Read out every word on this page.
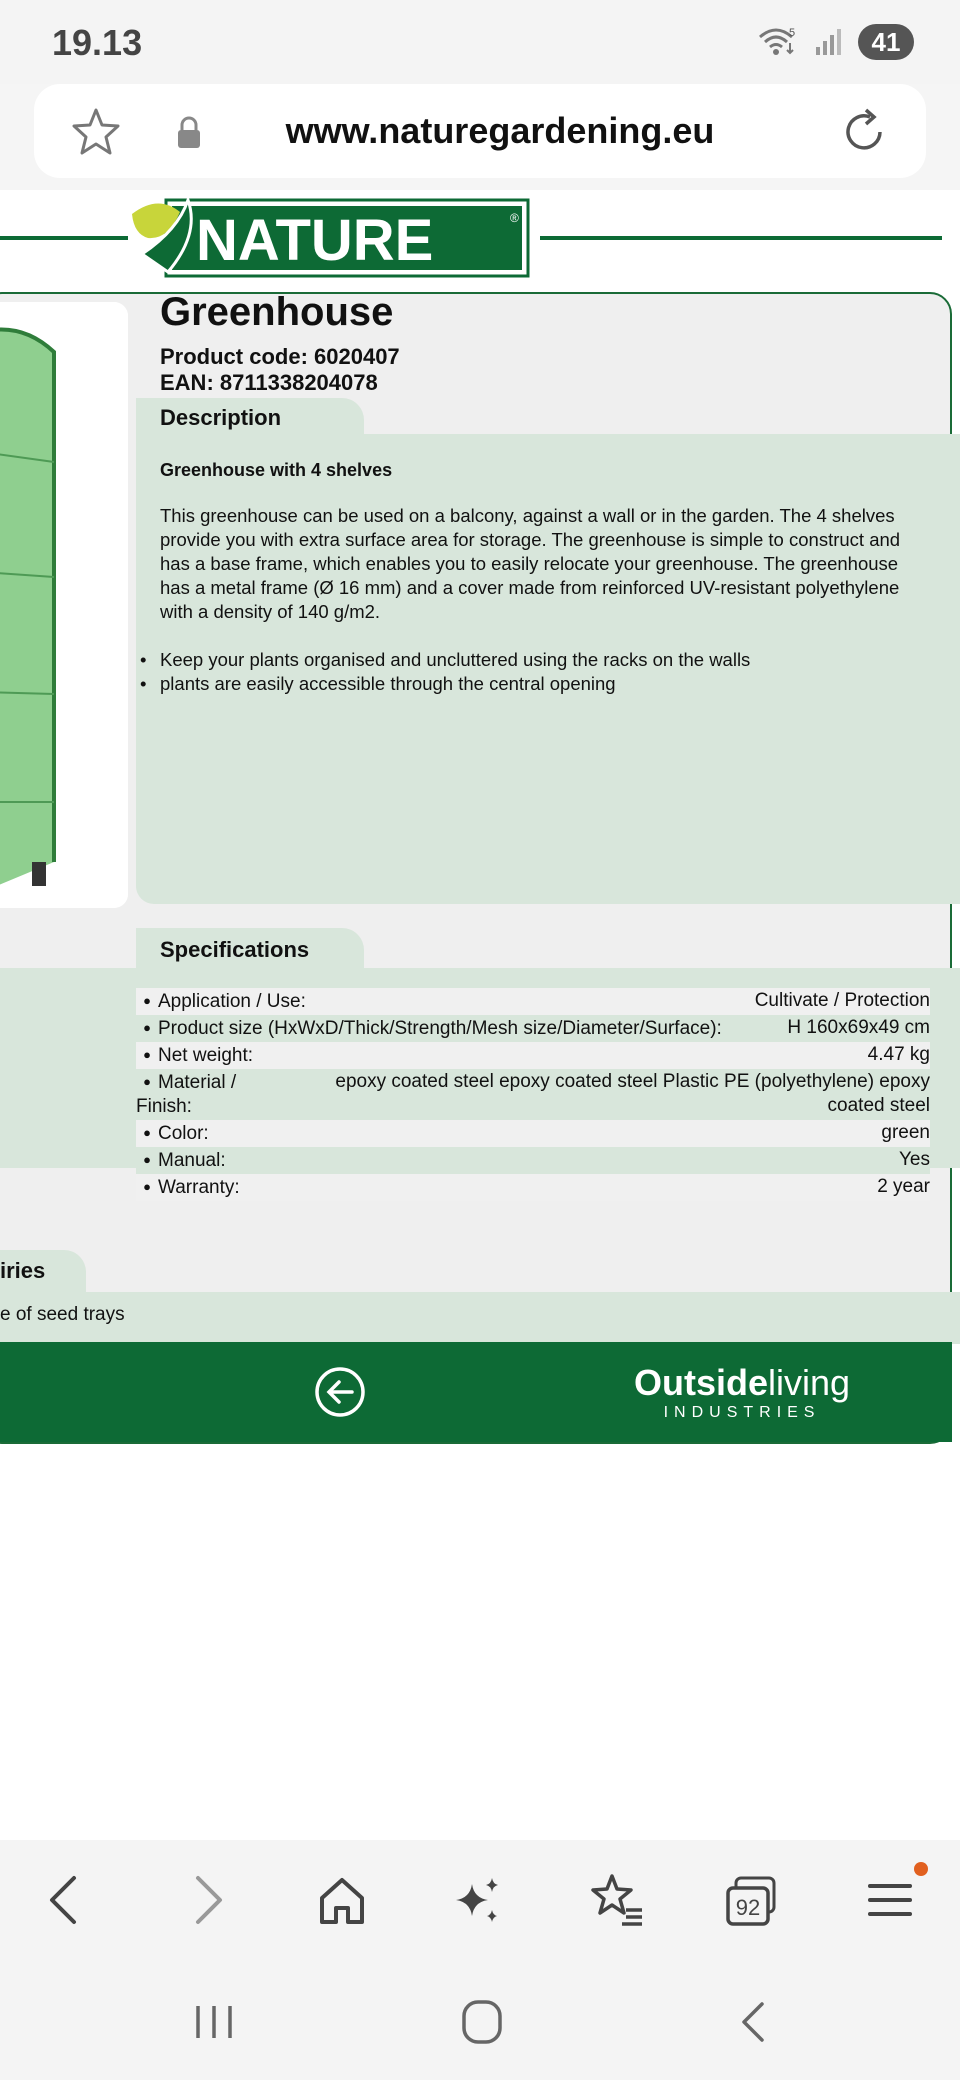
19.13	5	41
www.naturegardening.eu
NATURE	®
Greenhouse
Product code: 6020407
EAN: 8711338204078
Description
Greenhouse with 4 shelves
This greenhouse can be used on a balcony, against a wall or in the garden. The 4 shelves provide you with extra surface area for storage. The greenhouse is simple to construct and has a base frame, which enables you to easily relocate your greenhouse. The greenhouse has a metal frame (Ø 16 mm) and a cover made from reinforced UV-resistant polyethylene with a density of 140 g/m2.
• Keep your plants organised and uncluttered using the racks on the walls
• plants are easily accessible through the central opening
Specifications
● Application / Use:	Cultivate / Protection
● Product size (HxWxD/Thick/Strength/Mesh size/Diameter/Surface):	H 160x69x49 cm
● Net weight:	4.47 kg
● Material / Finish:
epoxy coated steel epoxy coated steel Plastic PE (polyethylene) epoxy coated steel
● Color:	green
● Manual:	Yes
● Warranty:	2 year
iries
e of seed trays
Outsideliving
INDUSTRIES
92
